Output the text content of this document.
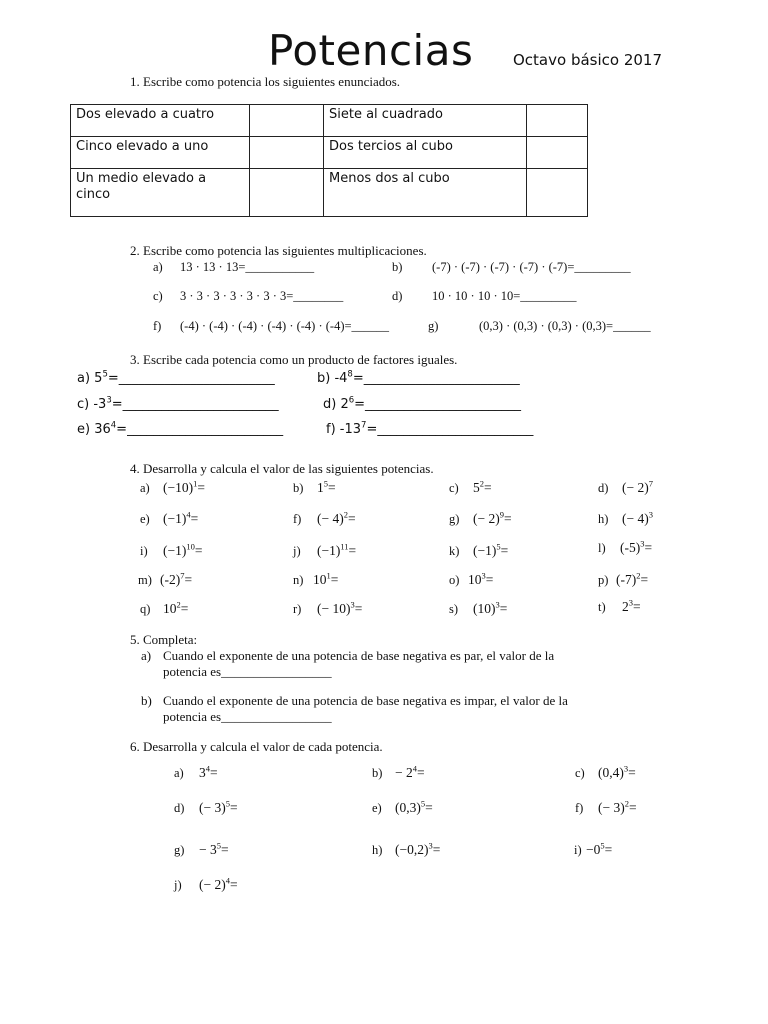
Potencias	Octavo básico 2017
1. Escribe como potencia los siguientes enunciados.
Dos elevado a cuatro		Siete al cuadrado	
Cinco elevado a uno		Dos tercios al cubo	
Un medio elevado a cinco		Menos dos al cubo	
2. Escribe como potencia las siguientes multiplicaciones.
a) 13 · 13 · 13=___________	b) (-7) · (-7) · (-7) · (-7) · (-7)=_________
c) 3 · 3 · 3 · 3 · 3 · 3 · 3=________	d) 10 · 10 · 10 · 10=_________
f) (-4) · (-4) · (-4) · (-4) · (-4) · (-4)=______	g)	(0,3) · (0,3) · (0,3) · (0,3)=______
3. Escribe cada potencia como un producto de factores iguales.
a) $5^5=\_\_\_\_\_\_\_\_\_\_\_\_\_\_\_\_\_\_\_\_\_\_\_\_$	b) $-4^8=\_\_\_\_\_\_\_\_\_\_\_\_\_\_\_\_\_\_\_\_\_\_\_\_$
c) $-3^3=\_\_\_\_\_\_\_\_\_\_\_\_\_\_\_\_\_\_\_\_\_\_\_\_$	d) $2^6=\_\_\_\_\_\_\_\_\_\_\_\_\_\_\_\_\_\_\_\_\_\_\_\_$
e) $36^4=\_\_\_\_\_\_\_\_\_\_\_\_\_\_\_\_\_\_\_\_\_\_\_\_$	f) $-13^7=\_\_\_\_\_\_\_\_\_\_\_\_\_\_\_\_\_\_\_\_\_\_\_\_$
4. Desarrolla y calcula el valor de las siguientes potencias.
a) $(-10)^1=$	b) $1^5=$	c) $5^2=$	d) (− 2)$^7$
e) $(-1)^4=$	f) (− 4)$^2$=	g) (− 2)$^9$=	h) (− 4)$^3$
i) $(-1)^{10}=$	j) $(-1)^{11}=$	k) $(-1)^5=$	l) $(-5)^3=$
m) $(-2)^7=$	n) $10^1=$	o) $10^3=$	p) $(-7)^2=$
q) $10^2=$	r) (− 10)$^3$=	s) $(10)^3=$	t) $2^3=$
5. Completa:
a) Cuando el exponente de una potencia de base negativa es par, el valor de la
potencia es_________________
b) Cuando el exponente de una potencia de base negativa es impar, el valor de la
potencia es_________________
6. Desarrolla y calcula el valor de cada potencia.
a) $3^4=$	$b) - 2^4=$	c) $(0,4)^3=$
d) (− 3)$^5$=	e) $(0,3)^5=$	f) (− 3)$^2$=
$g) - 3^5=$	h) $(-0,2)^3=$	$i) -0^5=$
j) (− 2)$^4$=
